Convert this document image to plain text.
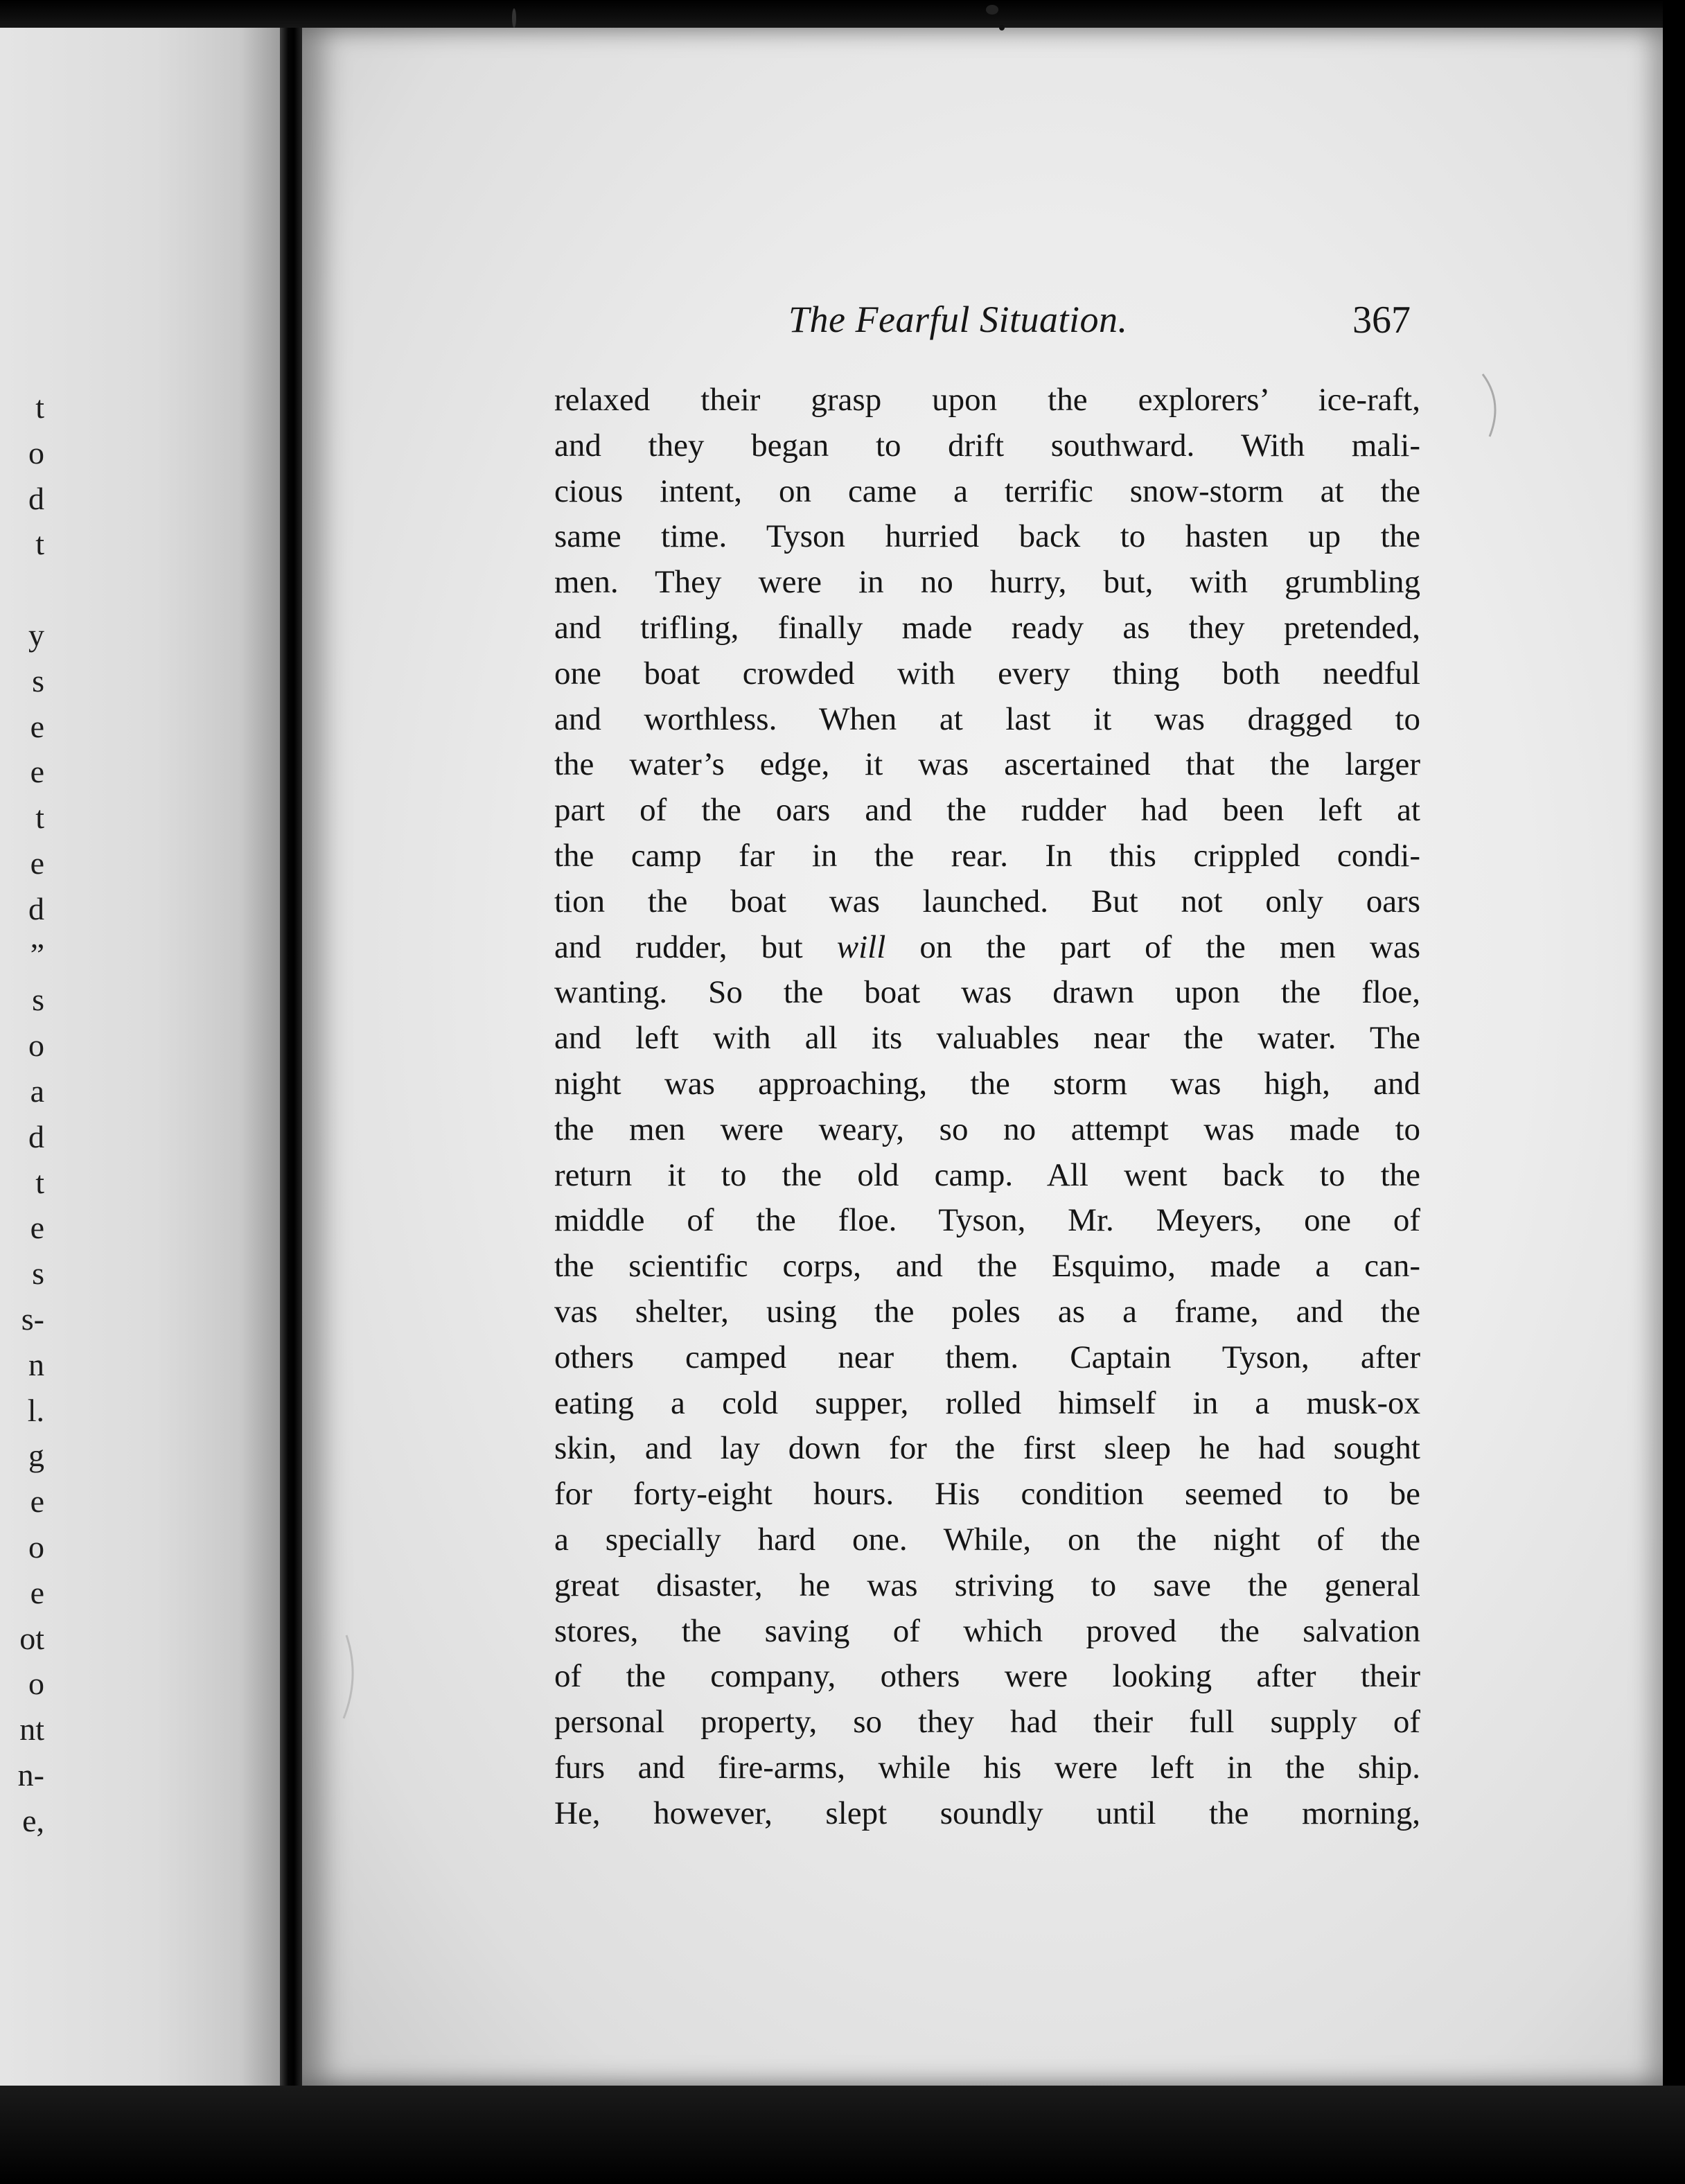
t
o
d
t
y
s
e
e
t
e
d
”
s
o
a
d
t
e
s
s-
n
l.
g
e
o
e
ot
o
nt
n-
e,
The Fearful Situation.	367
relaxed their grasp upon the explorers’ ice-raft,
and they began to drift southward. With mali-
cious intent, on came a terrific snow-storm at the
same time. Tyson hurried back to hasten up the
men. They were in no hurry, but, with grumbling
and trifling, finally made ready as they pretended,
one boat crowded with every thing both needful
and worthless. When at last it was dragged to
the water’s edge, it was ascertained that the larger
part of the oars and the rudder had been left at
the camp far in the rear. In this crippled condi-
tion the boat was launched. But not only oars
and rudder, but will on the part of the men was
wanting. So the boat was drawn upon the floe,
and left with all its valuables near the water. The
night was approaching, the storm was high, and
the men were weary, so no attempt was made to
return it to the old camp. All went back to the
middle of the floe. Tyson, Mr. Meyers, one of
the scientific corps, and the Esquimo, made a can-
vas shelter, using the poles as a frame, and the
others camped near them. Captain Tyson, after
eating a cold supper, rolled himself in a musk-ox
skin, and lay down for the first sleep he had sought
for forty-eight hours. His condition seemed to be
a specially hard one. While, on the night of the
great disaster, he was striving to save the general
stores, the saving of which proved the salvation
of the company, others were looking after their
personal property, so they had their full supply of
furs and fire-arms, while his were left in the ship.
He, however, slept soundly until the morning,
